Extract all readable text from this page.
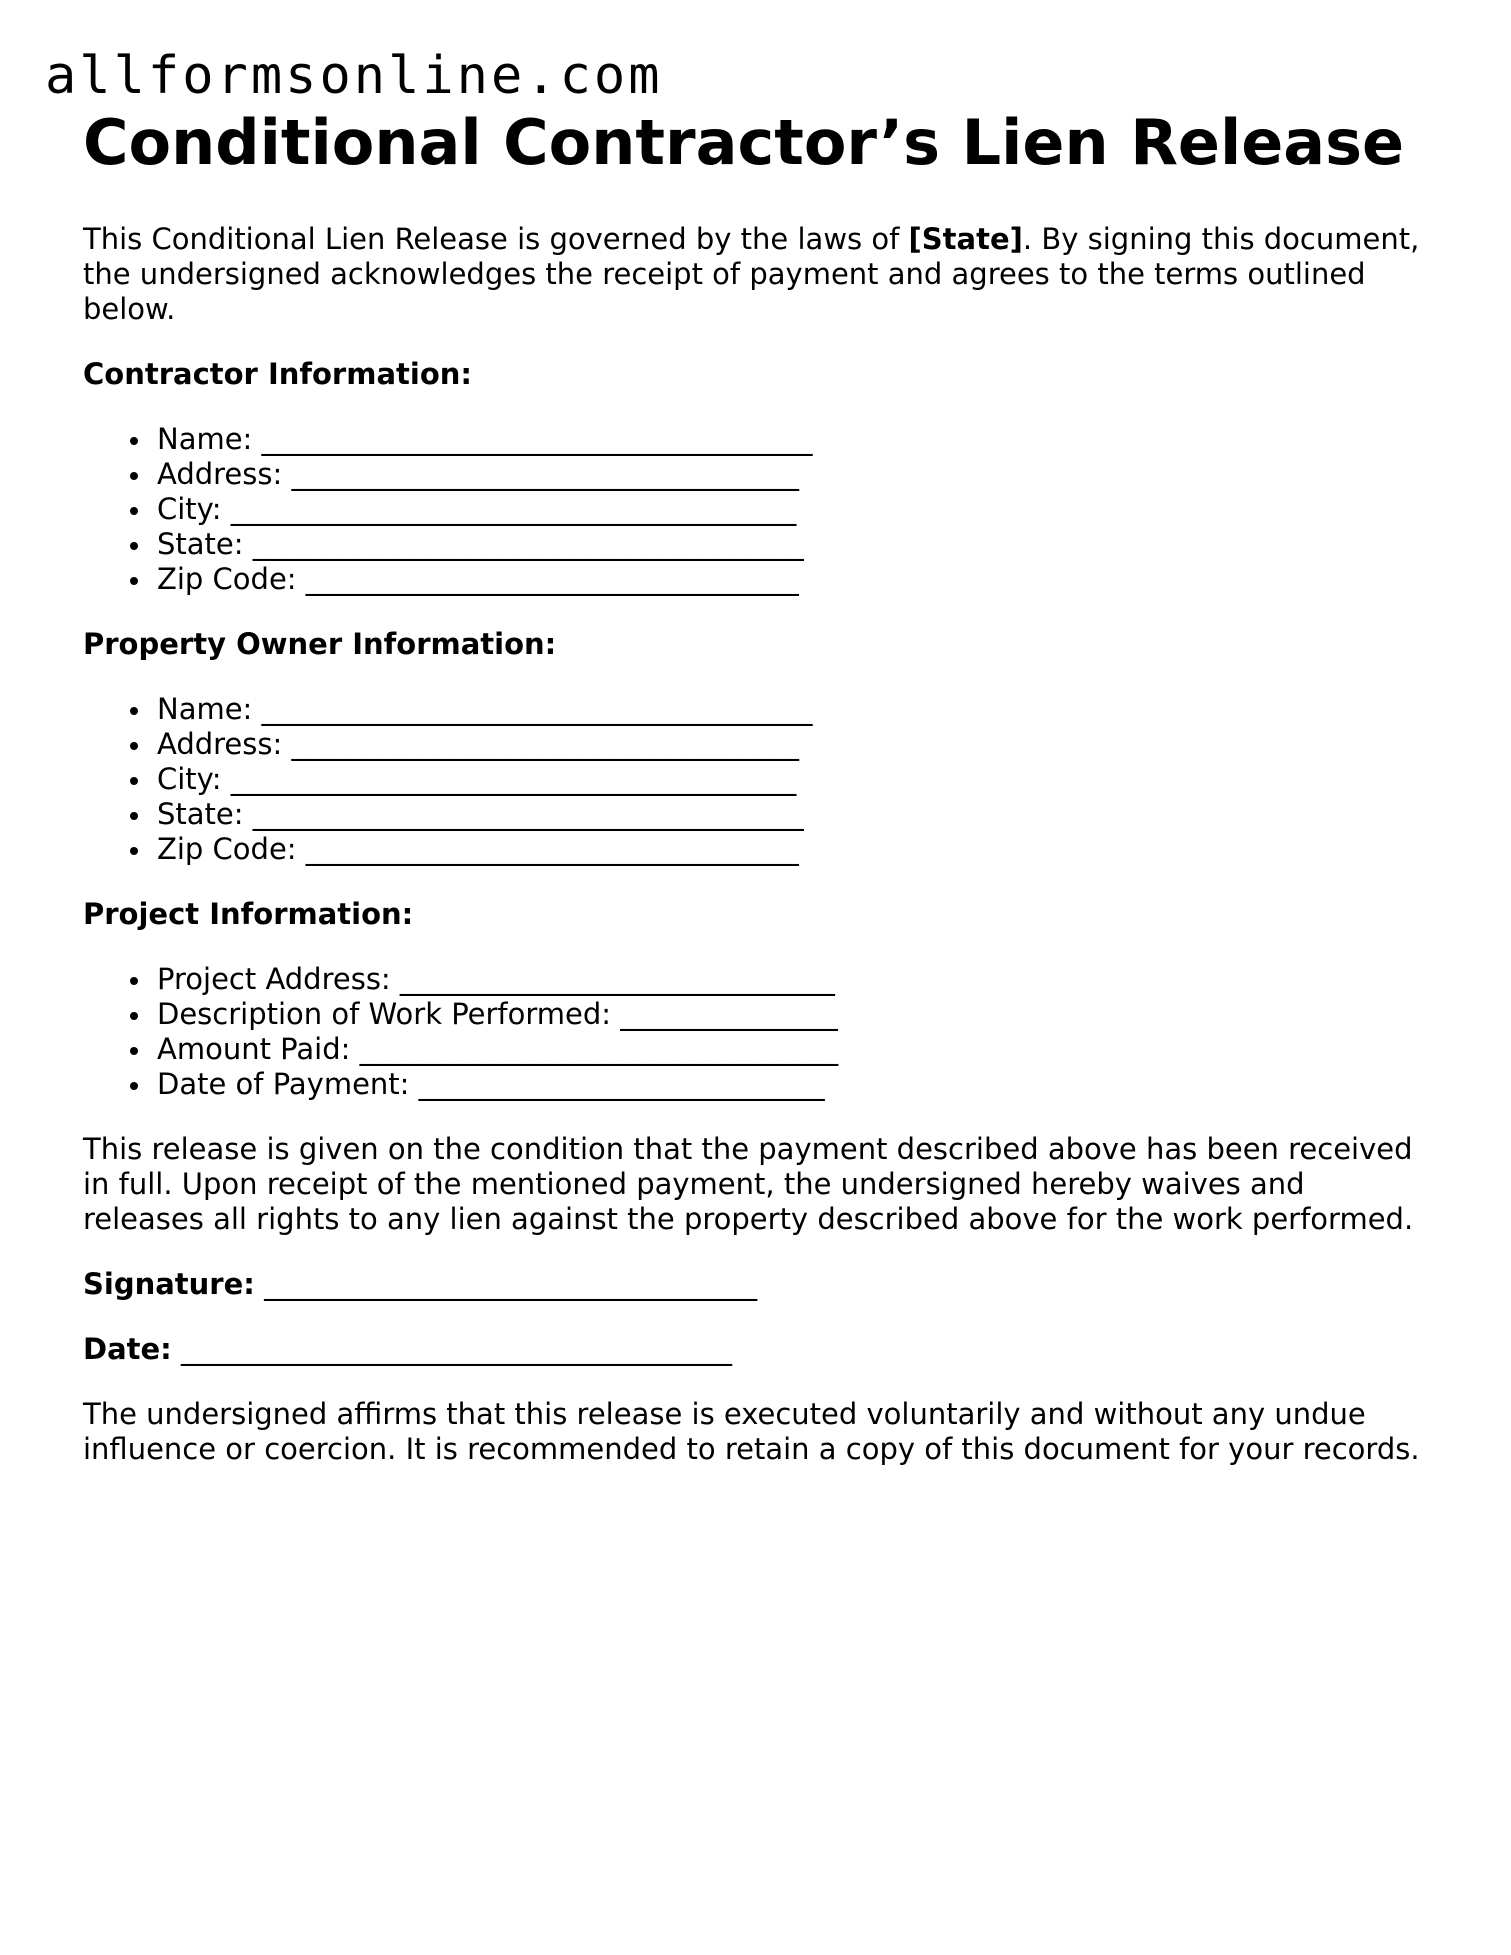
allformsonline.com
Conditional Contractor’s Lien Release

This Conditional Lien Release is governed by the laws of [State]. By signing this document, the undersigned acknowledges the receipt of payment and agrees to the terms outlined below.

Contractor Information:

Name: ______________________________________
Address: ___________________________________
City: _______________________________________
State: ______________________________________
Zip Code: __________________________________

Property Owner Information:

Name: ______________________________________
Address: ___________________________________
City: _______________________________________
State: ______________________________________
Zip Code: __________________________________

Project Information:

Project Address: ______________________________
Description of Work Performed: _______________
Amount Paid: _________________________________
Date of Payment: ____________________________

This release is given on the condition that the payment described above has been received in full. Upon receipt of the mentioned payment, the undersigned hereby waives and releases all rights to any lien against the property described above for the work performed.

Signature: __________________________________

Date: ______________________________________

The undersigned affirms that this release is executed voluntarily and without any undue influence or coercion. It is recommended to retain a copy of this document for your records.
